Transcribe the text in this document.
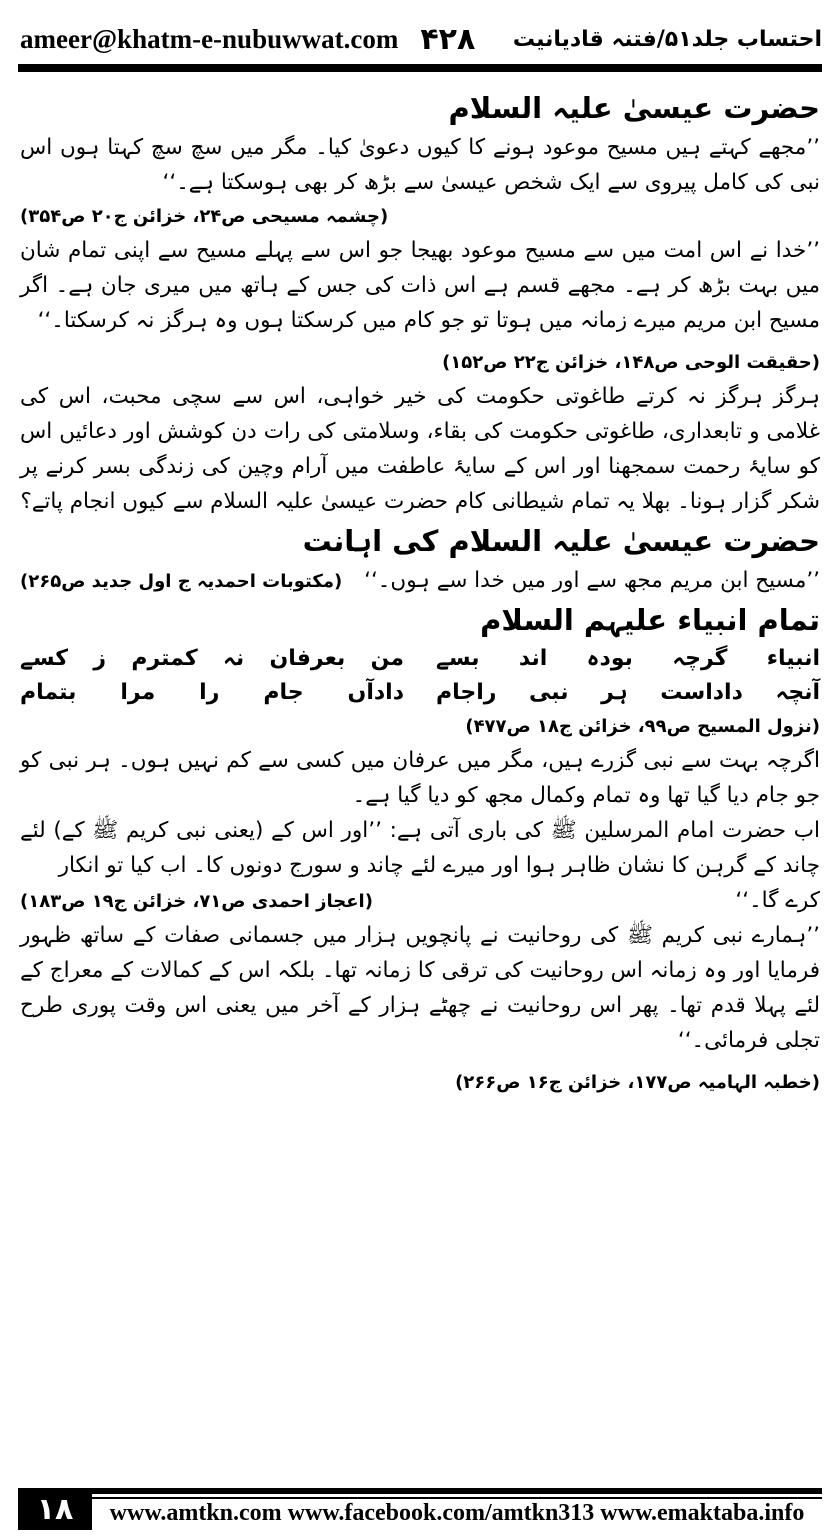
ameer@khatm-e-nubuwwat.com ۴۲۸ احتساب جلد۵۱/فتنہ قادیانیت
حضرت عیسیٰ علیہ السلام

’’مجھے کہتے ہیں مسیح موعود ہونے کا کیوں دعویٰ کیا۔ مگر میں سچ سچ کہتا ہوں اس نبی کی کامل پیروی سے ایک شخص عیسیٰ سے بڑھ کر بھی ہوسکتا ہے۔‘‘

(چشمہ مسیحی ص۲۴، خزائن ج۲۰ ص۳۵۴)

’’خدا نے اس امت میں سے مسیح موعود بھیجا جو اس سے پہلے مسیح سے اپنی تمام شان میں بہت بڑھ کر ہے۔ مجھے قسم ہے اس ذات کی جس کے ہاتھ میں میری جان ہے۔ اگر مسیح ابن مریم میرے زمانہ میں ہوتا تو جو کام میں کرسکتا ہوں وہ ہرگز نہ کرسکتا۔‘‘

(حقیقت الوحی ص۱۴۸، خزائن ج۲۲ ص۱۵۲)

ہرگز ہرگز نہ کرتے طاغوتی حکومت کی خیر خواہی، اس سے سچی محبت، اس کی غلامی و تابعداری، طاغوتی حکومت کی بقاء، وسلامتی کی رات دن کوشش اور دعائیں اس کو سایۂ رحمت سمجھنا اور اس کے سایۂ عاطفت میں آرام وچین کی زندگی بسر کرنے پر شکر گزار ہونا۔ بھلا یہ تمام شیطانی کام حضرت عیسیٰ علیہ السلام سے کیوں انجام پاتے؟

حضرت عیسیٰ علیہ السلام کی اہانت
’’مسیح ابن مریم مجھ سے اور میں خدا سے ہوں۔‘‘
(مکتوبات احمدیہ ج اول جدید ص۲۶۵)
تمام انبیاء علیہم السلام
انبیاء گرچہ بودہ اند بسے
من بعرفان نہ کمترم ز کسے
آنچہ داداست ہر نبی راجام
دادآں جام را مرا بتمام
(نزول المسیح ص۹۹، خزائن ج۱۸ ص۴۷۷)

اگرچہ بہت سے نبی گزرے ہیں، مگر میں عرفان میں کسی سے کم نہیں ہوں۔ ہر نبی کو جو جام دیا گیا تھا وہ تمام وکمال مجھ کو دیا گیا ہے۔

اب حضرت امام المرسلین ﷺ کی باری آتی ہے: ’’اور اس کے (یعنی نبی کریم ﷺ کے) لئے چاند کے گرہن کا نشان ظاہر ہوا اور میرے لئے چاند و سورج دونوں کا۔ اب کیا تو انکار

کرے گا۔‘‘
(اعجاز احمدی ص۷۱، خزائن ج۱۹ ص۱۸۳)

’’ہمارے نبی کریم ﷺ کی روحانیت نے پانچویں ہزار میں جسمانی صفات کے ساتھ ظہور فرمایا اور وہ زمانہ اس روحانیت کی ترقی کا زمانہ تھا۔ بلکہ اس کے کمالات کے معراج کے لئے پہلا قدم تھا۔ پھر اس روحانیت نے چھٹے ہزار کے آخر میں یعنی اس وقت پوری طرح تجلی فرمائی۔‘‘

(خطبہ الہامیہ ص۱۷۷، خزائن ج۱۶ ص۲۶۶)
۱۸	www.amtkn.com www.facebook.com/amtkn313 www.emaktaba.info
